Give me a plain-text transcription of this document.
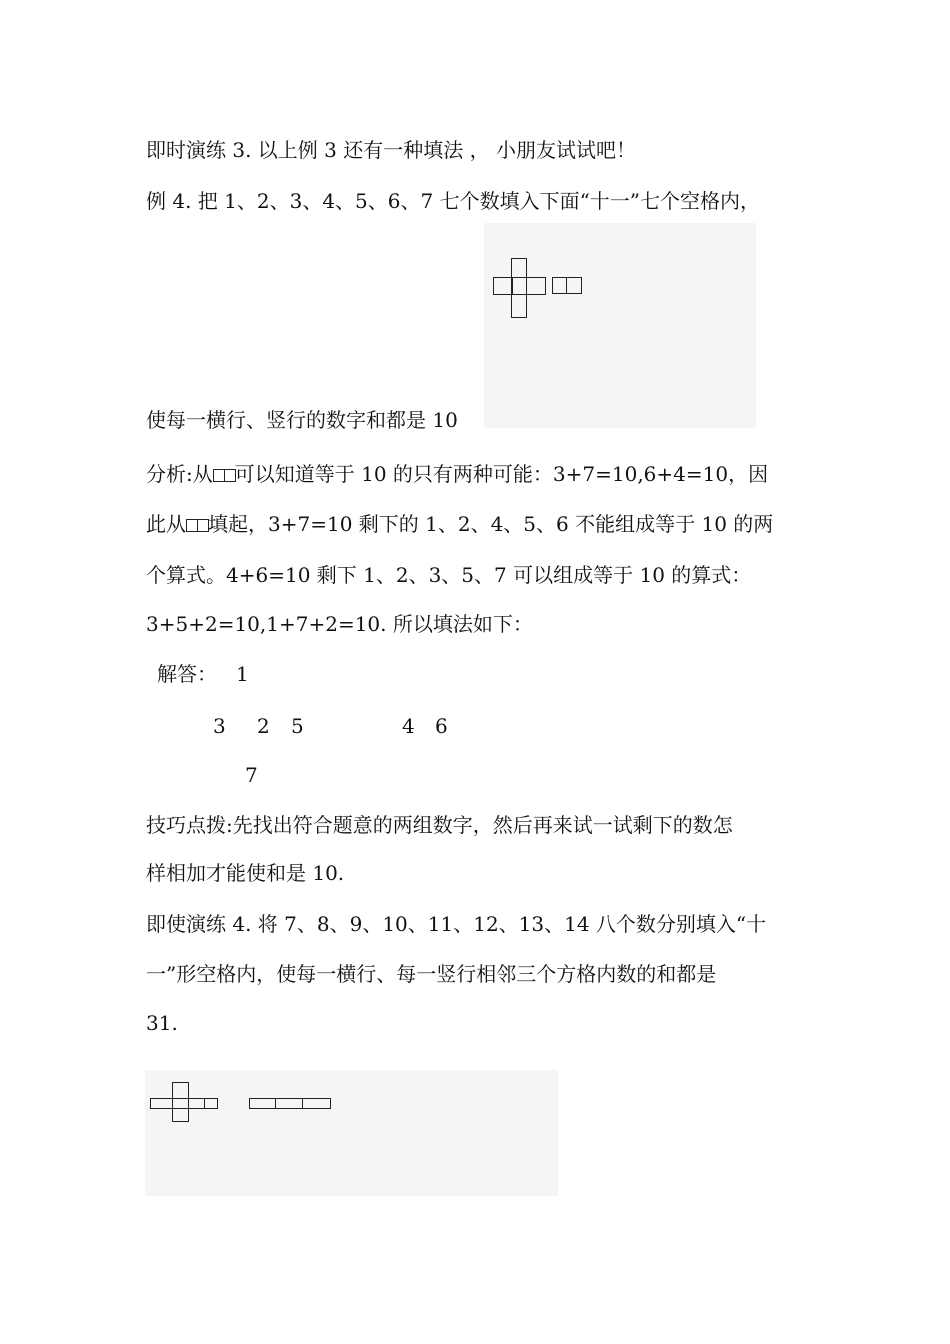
即时演练 3. 以上例 3 还有一种填法 ， 小朋友试试吧！
例 4. 把 1、2、3、4、5、6、7 七个数填入下面“十一”七个空格内，
使每一横行、竖行的数字和都是 10
分析:从 可以知道等于 10 的只有两种可能：3+7=10,6+4=10，因
此从 填起，3+7=10 剩下的 1、2、4、5、6 不能组成等于 10 的两
个算式。4+6=10 剩下 1、2、3、5、7 可以组成等于 10 的算式：
3+5+2=10,1+7+2=10. 所以填法如下：
解答： 1
3 2 5	4 6
7
技巧点拨:先找出符合题意的两组数字，然后再来试一试剩下的数怎
样相加才能使和是 10.
即使演练 4. 将 7、8、9、10、11、12、13、14 八个数分别填入“十
一”形空格内，使每一横行、每一竖行相邻三个方格内数的和都是
31.
